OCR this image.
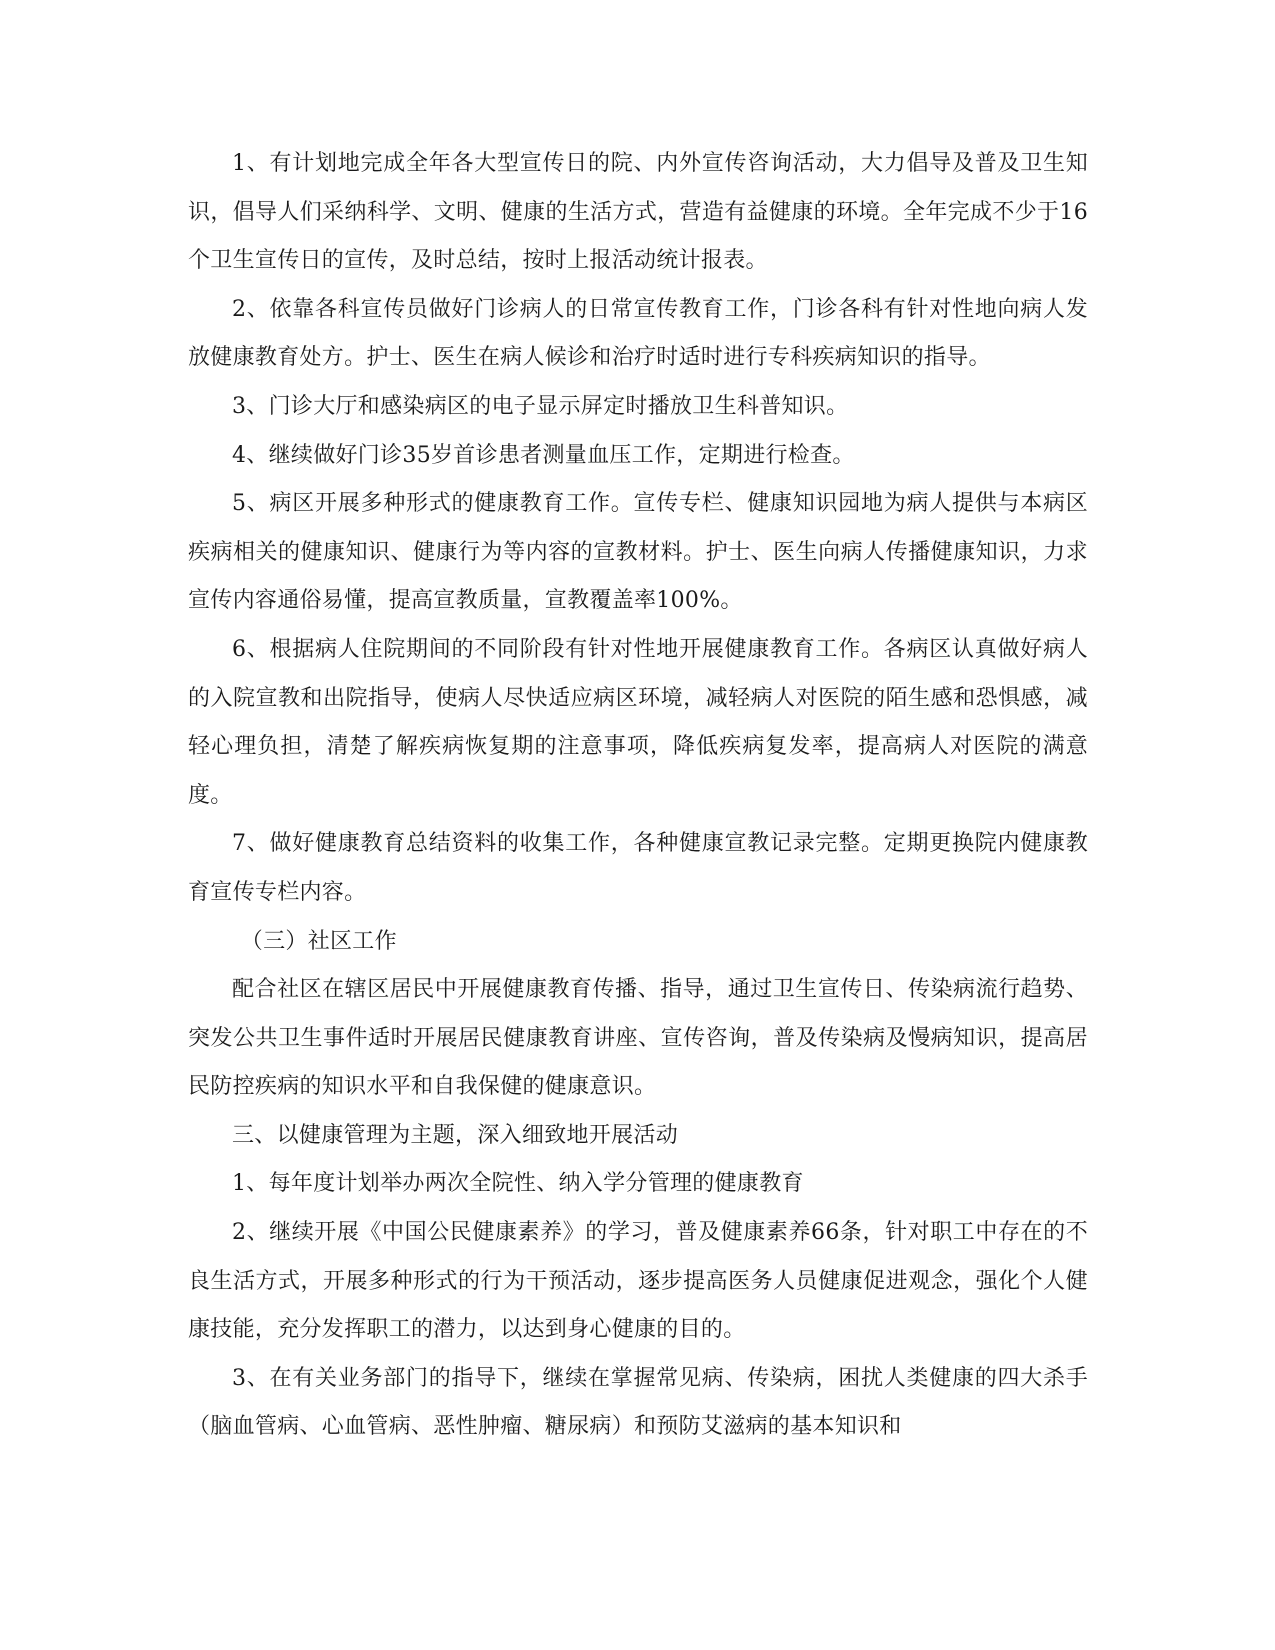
1、有计划地完成全年各大型宣传日的院、内外宣传咨询活动，大力倡导及普及卫生知识，倡导人们采纳科学、文明、健康的生活方式，营造有益健康的环境。全年完成不少于16个卫生宣传日的宣传，及时总结，按时上报活动统计报表。

2、依靠各科宣传员做好门诊病人的日常宣传教育工作，门诊各科有针对性地向病人发放健康教育处方。护士、医生在病人候诊和治疗时适时进行专科疾病知识的指导。

3、门诊大厅和感染病区的电子显示屏定时播放卫生科普知识。

4、继续做好门诊35岁首诊患者测量血压工作，定期进行检查。

5、病区开展多种形式的健康教育工作。宣传专栏、健康知识园地为病人提供与本病区疾病相关的健康知识、健康行为等内容的宣教材料。护士、医生向病人传播健康知识，力求宣传内容通俗易懂，提高宣教质量，宣教覆盖率100%。

6、根据病人住院期间的不同阶段有针对性地开展健康教育工作。各病区认真做好病人的入院宣教和出院指导，使病人尽快适应病区环境，减轻病人对医院的陌生感和恐惧感，减轻心理负担，清楚了解疾病恢复期的注意事项，降低疾病复发率，提高病人对医院的满意度。

7、做好健康教育总结资料的收集工作，各种健康宣教记录完整。定期更换院内健康教育宣传专栏内容。

（三）社区工作

配合社区在辖区居民中开展健康教育传播、指导，通过卫生宣传日、传染病流行趋势、突发公共卫生事件适时开展居民健康教育讲座、宣传咨询，普及传染病及慢病知识，提高居民防控疾病的知识水平和自我保健的健康意识。

三、以健康管理为主题，深入细致地开展活动

1、每年度计划举办两次全院性、纳入学分管理的健康教育

2、继续开展《中国公民健康素养》的学习，普及健康素养66条，针对职工中存在的不良生活方式，开展多种形式的行为干预活动，逐步提高医务人员健康促进观念，强化个人健康技能，充分发挥职工的潜力，以达到身心健康的目的。

3、在有关业务部门的指导下，继续在掌握常见病、传染病，困扰人类健康的四大杀手（脑血管病、心血管病、恶性肿瘤、糖尿病）和预防艾滋病的基本知识和
